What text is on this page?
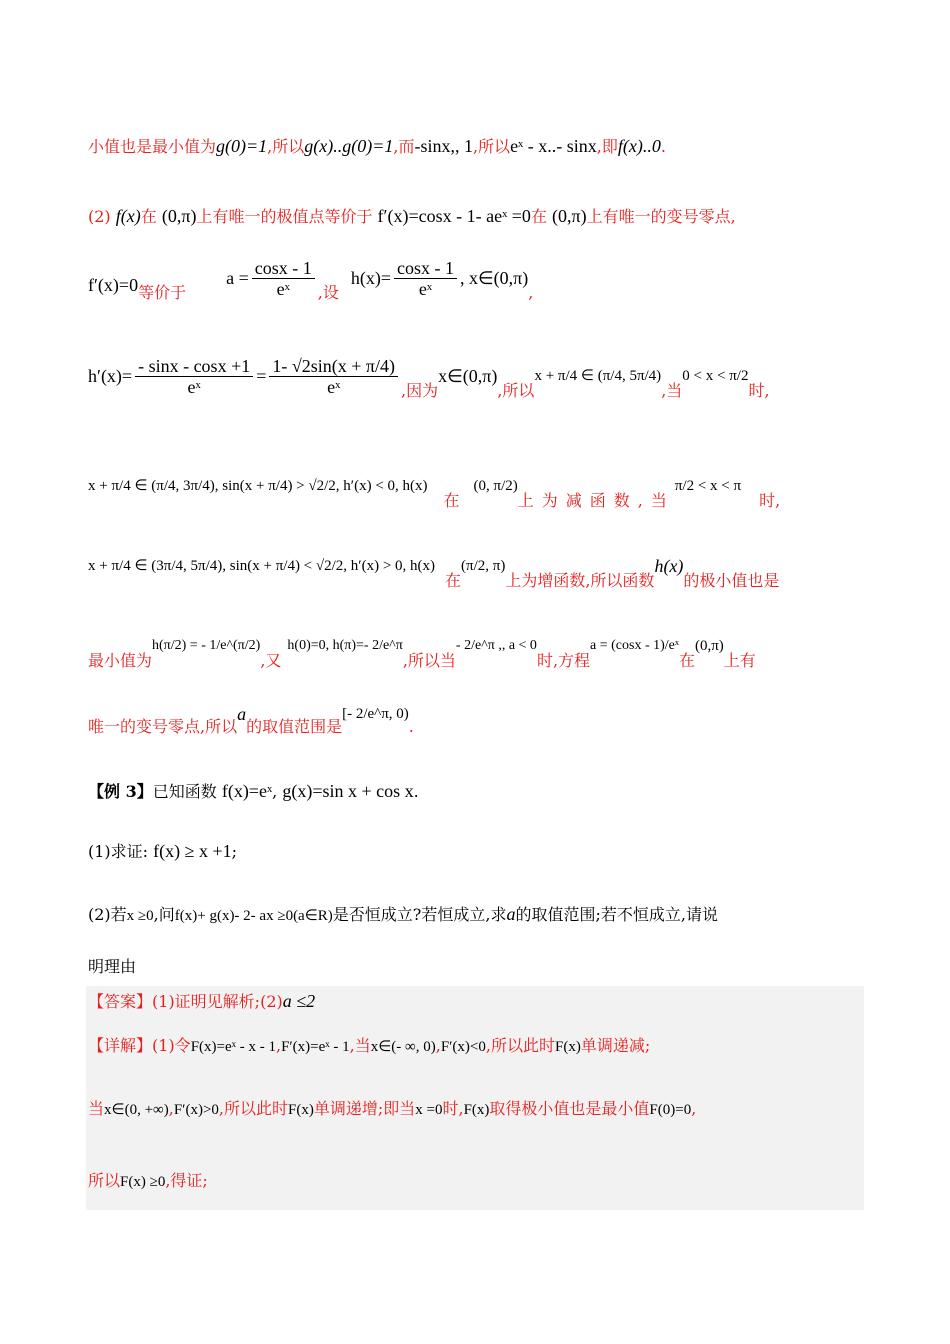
小值也是最小值为g(0)=1,所以g(x)..g(0)=1,而-sinx,, 1,所以eˣ - x..- sinx,即f(x)..0.
(2) f(x)在 (0,π)上有唯一的极值点等价于 f′(x)=cosx - 1- aeˣ =0在 (0,π)上有唯一的变号零点,
f′(x)=0 等价于
$a = \frac{\cos x - 1}{\text{eˣ}}$ ,设
$h(x)= \frac{\cos x - 1}{\text{eˣ}}$ , x∈(0,π)
,
$h'(x)= \frac{- \sin x - \cos x +1}{\text{eˣ}} = \frac{1- √2\sin(x + \pi/4)}{\text{eˣ}}$ ,因为
x∈(0,π)
,所以
x + π/4 ∈ (π/4, 5π/4)
,当
0 < x < π/2
时,
x + π/4 ∈ (π/4, 3π/4), sin(x + π/4) > √2/2, h′(x) < 0, h(x)
在
(0, π/2)
上为减函数,当
π/2 < x < π
时,
x + π/4 ∈ (3π/4, 5π/4), sin(x + π/4) < √2/2, h′(x) > 0, h(x)
在
(π/2, π)
上为增函数,所以函数
h(x)
的极小值也是
最小值为
h(π/2) = - 1/e^(π/2)
,又
h(0)=0, h(π)=- 2/e^π
,所以当
- 2/e^π ,, a < 0
时,方程
a = (cosx - 1)/eˣ
在
(0,π)
上有
唯一的变号零点,所以
a
的取值范围是
[- 2/e^π, 0)
.
【例 3】已知函数 f(x)=eˣ, g(x)=sin x + cos x.
(1)求证: f(x) ≥ x +1;
(2)若x ≥0,问f(x)+ g(x)- 2- ax ≥0(a∈R)是否恒成立?若恒成立,求a的取值范围;若不恒成立,请说
明理由
【答案】(1)证明见解析;(2)a ≤2
【详解】(1)令F(x)=eˣ - x - 1,F′(x)=eˣ - 1,当x∈(- ∞, 0),F′(x)<0,所以此时F(x)单调递减;
当x∈(0, +∞),F′(x)>0,所以此时F(x)单调递增;即当x =0时,F(x)取得极小值也是最小值F(0)=0,
所以F(x) ≥0,得证;
